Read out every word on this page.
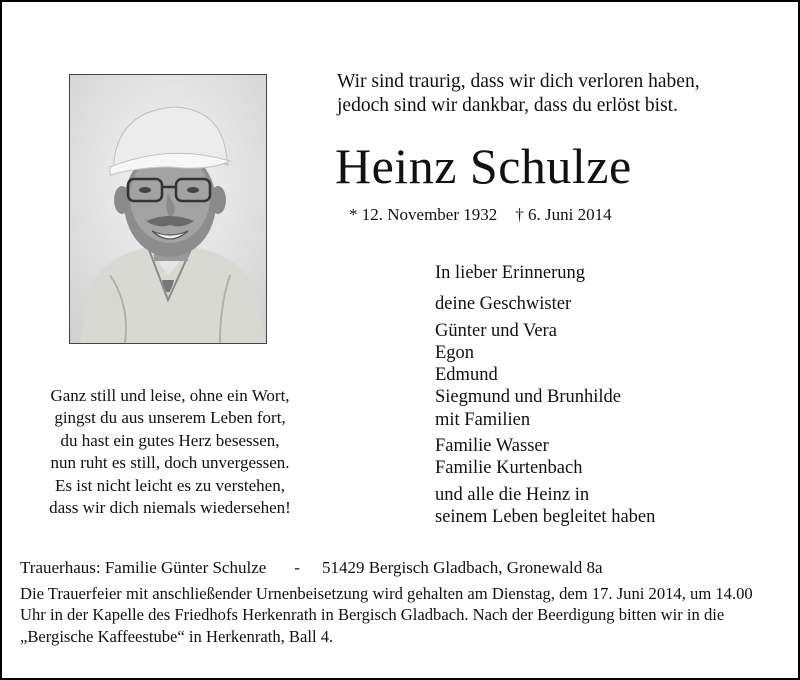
Wir sind traurig, dass wir dich verloren haben,
jedoch sind wir dankbar, dass du erlöst bist.
Heinz Schulze
* 12. November 1932 † 6. Juni 2014
Ganz still und leise, ohne ein Wort,
gingst du aus unserem Leben fort,
du hast ein gutes Herz besessen,
nun ruht es still, doch unvergessen.
Es ist nicht leicht es zu verstehen,
dass wir dich niemals wiedersehen!
In lieber Erinnerung
deine Geschwister
Günter und Vera
Egon
Edmund
Siegmund und Brunhilde
mit Familien
Familie Wasser
Familie Kurtenbach
und alle die Heinz in
seinem Leben begleitet haben
Trauerhaus: Familie Günter Schulze - 51429 Bergisch Gladbach, Gronewald 8a
Die Trauerfeier mit anschließender Urnenbeisetzung wird gehalten am Dienstag, dem 17. Juni 2014, um 14.00
Uhr in der Kapelle des Friedhofs Herkenrath in Bergisch Gladbach. Nach der Beerdigung bitten wir in die
„Bergische Kaffeestube“ in Herkenrath, Ball 4.
